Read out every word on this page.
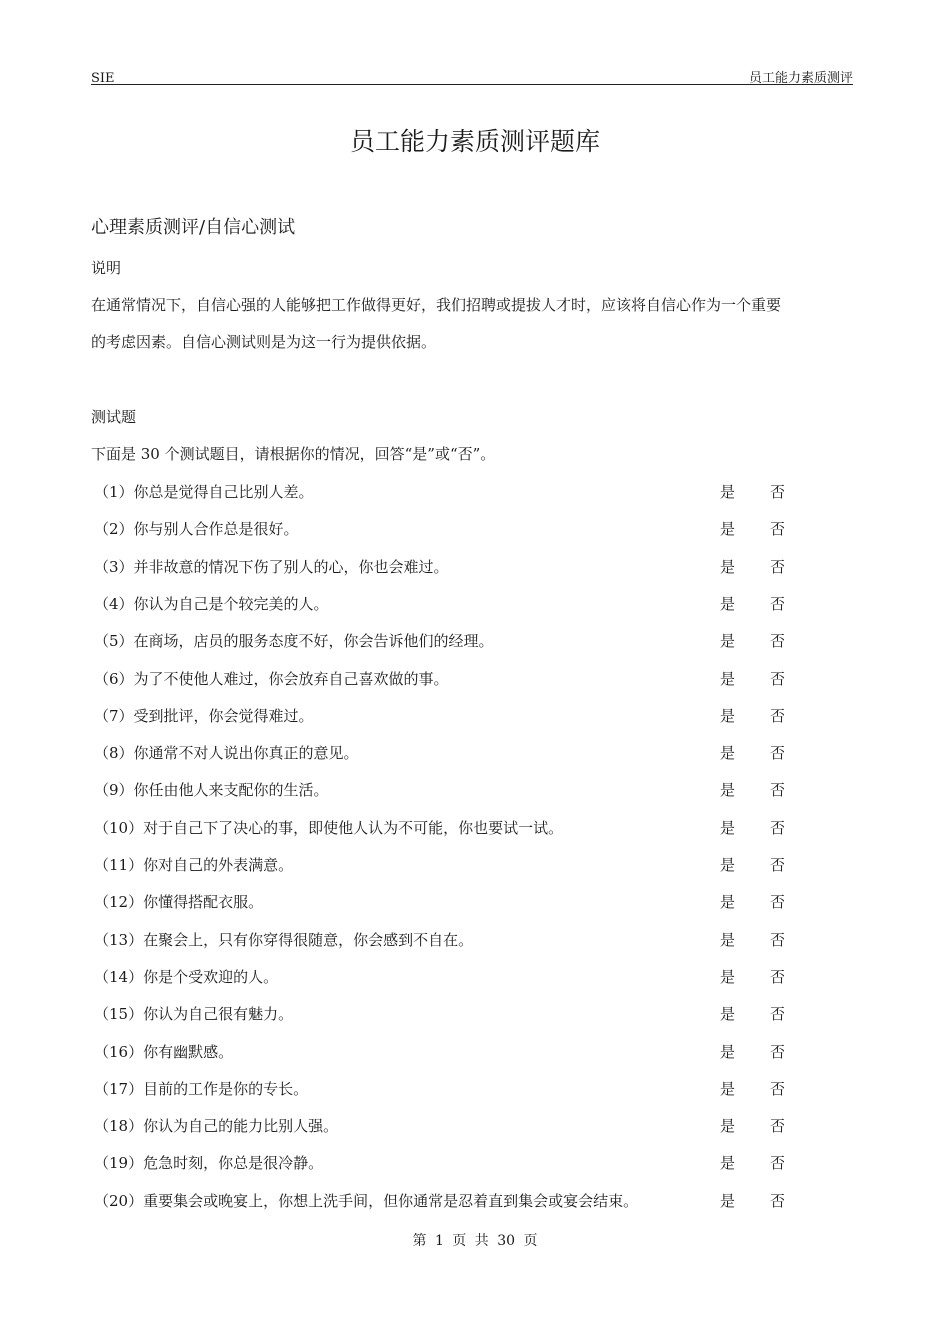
SIE	员工能力素质测评
员工能力素质测评题库
心理素质测评/自信心测试
说明
在通常情况下，自信心强的人能够把工作做得更好，我们招聘或提拔人才时，应该将自信心作为一个重要
的考虑因素。自信心测试则是为这一行为提供依据。
测试题
下面是 30 个测试题目，请根据你的情况，回答“是”或“否”。
（1）你总是觉得自己比别人差。	是 否
（2）你与别人合作总是很好。	是 否
（3）并非故意的情况下伤了别人的心，你也会难过。	是 否
（4）你认为自己是个较完美的人。	是 否
（5）在商场，店员的服务态度不好，你会告诉他们的经理。	是 否
（6）为了不使他人难过，你会放弃自己喜欢做的事。	是 否
（7）受到批评，你会觉得难过。	是 否
（8）你通常不对人说出你真正的意见。	是 否
（9）你任由他人来支配你的生活。	是 否
（10）对于自己下了决心的事，即使他人认为不可能，你也要试一试。	是 否
（11）你对自己的外表满意。	是 否
（12）你懂得搭配衣服。	是 否
（13）在聚会上，只有你穿得很随意，你会感到不自在。	是 否
（14）你是个受欢迎的人。	是 否
（15）你认为自己很有魅力。	是 否
（16）你有幽默感。	是 否
（17）目前的工作是你的专长。	是 否
（18）你认为自己的能力比别人强。	是 否
（19）危急时刻，你总是很冷静。	是 否
（20）重要集会或晚宴上，你想上洗手间，但你通常是忍着直到集会或宴会结束。	是 否
第 1 页 共 30 页
